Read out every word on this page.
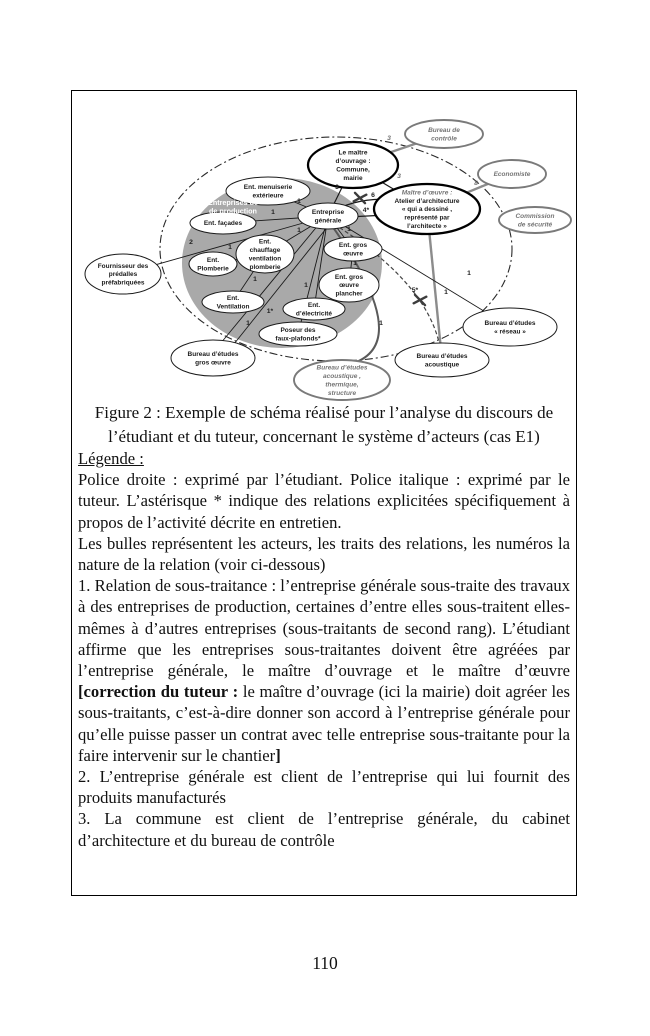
Bureau de contrôle
Economiste
Commission de sécurité
Le maître d’ouvrage : Commune, mairie
Maître d’œuvre : Atelier d’architecture « qui a dessiné , représenté par l’architecte »
Ent. menuiserie extérieure
Ent. façades
Entreprise générale
Ent. chauffage ventilation plomberie
Ent. Plomberie
Fournisseur des prédalles préfabriquées
Ent. gros œuvre
Ent. gros œuvre plancher
Ent. Ventilation	Ent. d’électricité
Poseur des faux-plafonds*
Bureau d’études gros œuvre
Bureau d’études acoustique , thermique, structure
Bureau d’études acoustique
Bureau d’études « réseau »
Entreprises de de production
3
3
3
6
4*
8
1
1
1	1
1
2
1
1
1
1
1*
1
1
5*
1
Figure 2 : Exemple de schéma réalisé pour l’analyse du discours de l’étudiant et du tuteur, concernant le système d’acteurs (cas E1)

Légende :

Police droite : exprimé par l’étudiant. Police italique : exprimé par le tuteur. L’astérisque * indique des relations explicitées spécifiquement à propos de l’activité décrite en entretien.

Les bulles représentent les acteurs, les traits des relations, les numéros la nature de la relation (voir ci-dessous)

1. Relation de sous-traitance : l’entreprise générale sous-traite des travaux à des entreprises de production, certaines d’entre elles sous-traitent elles-mêmes à d’autres entreprises (sous-traitants de second rang). L’étudiant affirme que les entreprises sous-traitantes doivent être agréées par l’entreprise générale, le maître d’ouvrage et le maître d’œuvre [correction du tuteur : le maître d’ouvrage (ici la mairie) doit agréer les sous-traitants, c’est-à-dire donner son accord à l’entreprise générale pour qu’elle puisse passer un contrat avec telle entreprise sous-traitante pour la faire intervenir sur le chantier]

2. L’entreprise générale est client de l’entreprise qui lui fournit des produits manufacturés

3. La commune est client de l’entreprise générale, du cabinet d’architecture et du bureau de contrôle

110
